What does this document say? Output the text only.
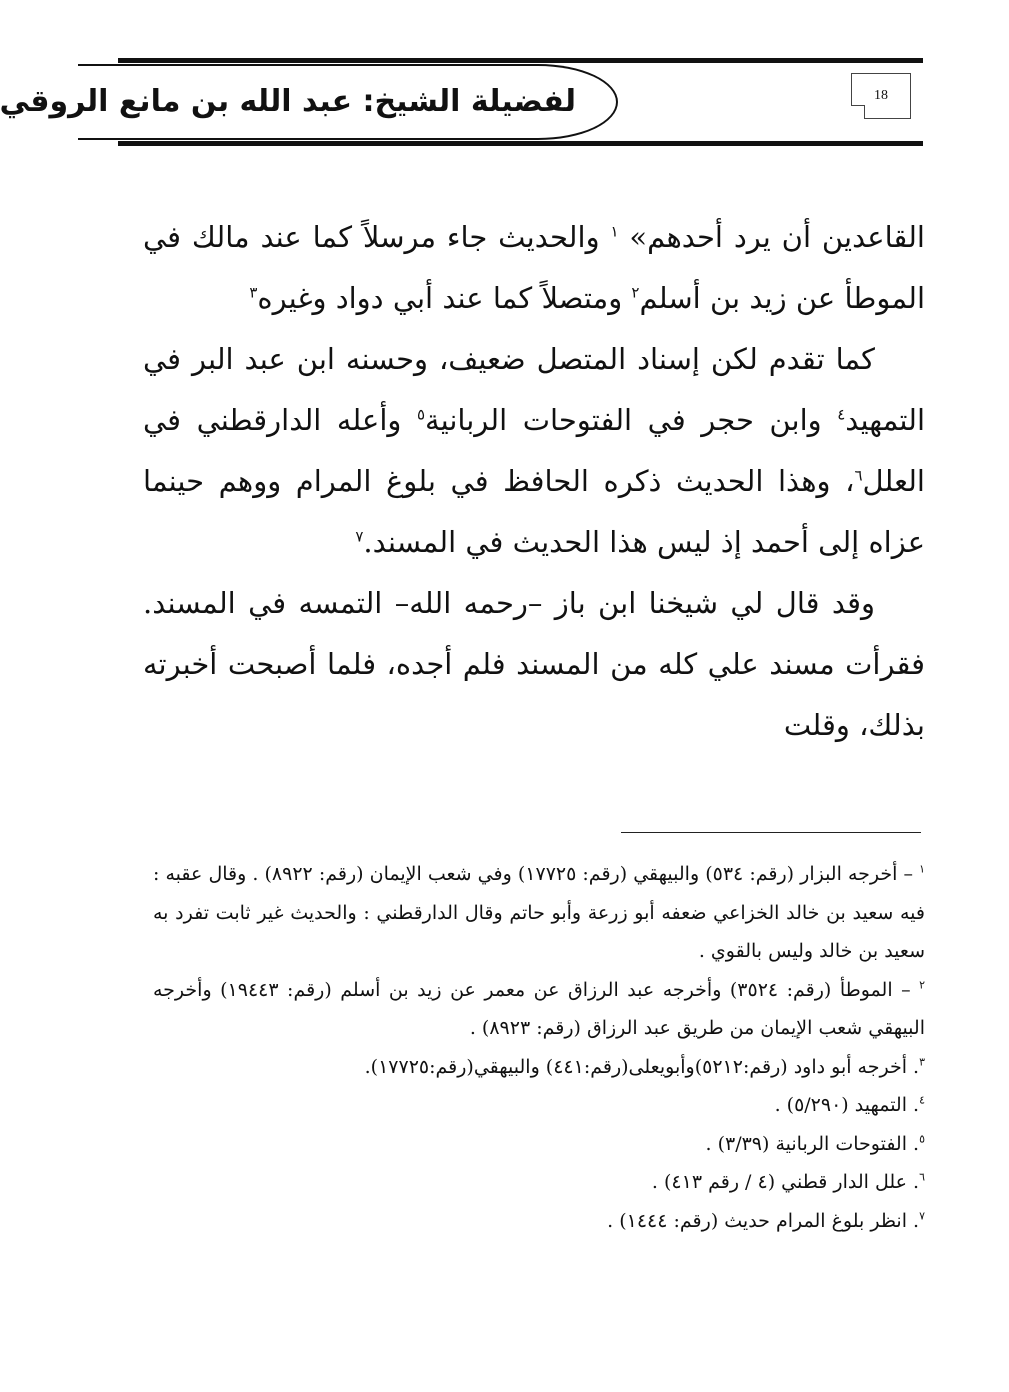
لفضيلة الشيخ: عبد الله بن مانع الروقي	18

القاعدين أن يرد أحدهم» $^١$ والحديث جاء مرسلاً كما عند مالك في الموطأ عن زيد بن أسلم$^٢$ ومتصلاً كما عند أبي دواد وغيره$^٣$

كما تقدم لكن إسناد المتصل ضعيف، وحسنه ابن عبد البر في التمهيد$^٤$ وابن حجر في الفتوحات الربانية$^٥$ وأعله الدارقطني في العلل$^٦$، وهذا الحديث ذكره الحافظ في بلوغ المرام ووهم حينما عزاه إلى أحمد إذ ليس هذا الحديث في المسند.$^٧$

وقد قال لي شيخنا ابن باز –رحمه الله– التمسه في المسند. فقرأت مسند علي كله من المسند فلم أجده، فلما أصبحت أخبرته بذلك، وقلت

$^١$ – أخرجه البزار (رقم: ٥٣٤) والبيهقي (رقم: ١٧٧٢٥) وفي شعب الإيمان (رقم: ٨٩٢٢) . وقال عقبه : فيه سعيد بن خالد الخزاعي ضعفه أبو زرعة وأبو حاتم وقال الدارقطني : والحديث غير ثابت تفرد به سعيد بن خالد وليس بالقوي .

$^٢$ – الموطأ (رقم: ٣٥٢٤) وأخرجه عبد الرزاق عن معمر عن زيد بن أسلم (رقم: ١٩٤٤٣) وأخرجه البيهقي شعب الإيمان من طريق عبد الرزاق (رقم: ٨٩٢٣) .

$^٣$. أخرجه أبو داود (رقم:٥٢١٢)وأبويعلى(رقم:٤٤١) والبيهقي(رقم:١٧٧٢٥).

$^٤$. التمهيد (٥/٢٩٠) .

$^٥$. الفتوحات الربانية (٣/٣٩) .

$^٦$. علل الدار قطني (٤ / رقم ٤١٣) .

$^٧$. انظر بلوغ المرام حديث (رقم: ١٤٤٤) .
